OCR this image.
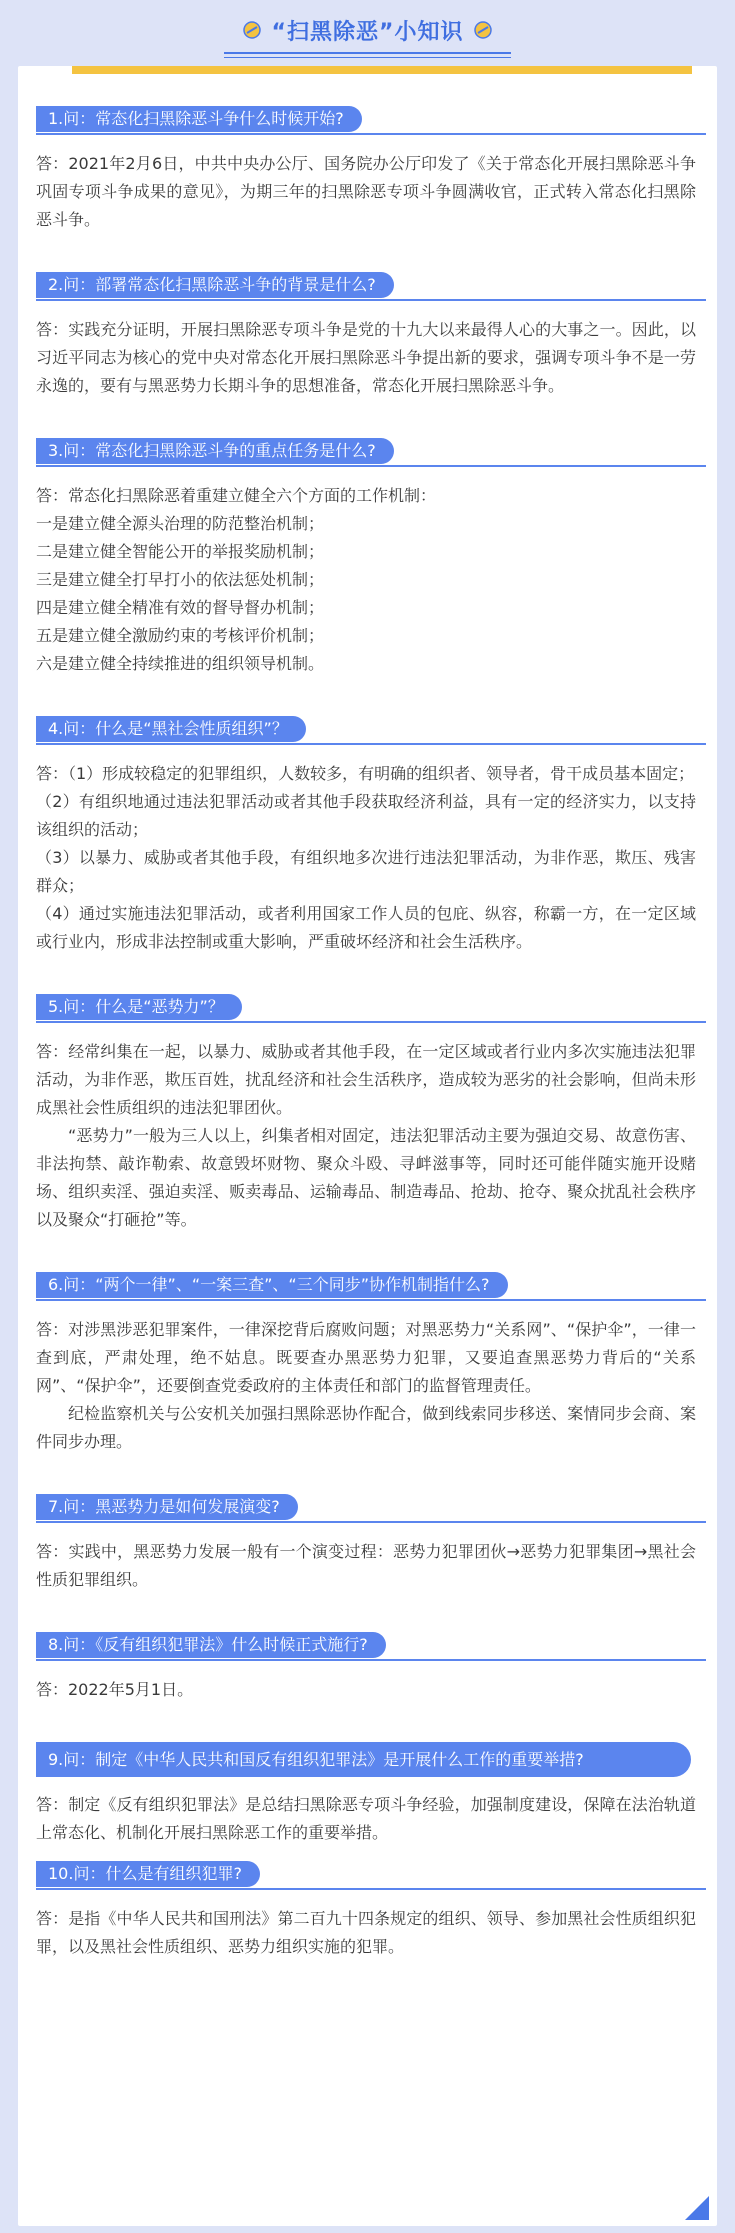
“扫黑除恶”小知识
1.问：常态化扫黑除恶斗争什么时候开始?

答：2021年2月6日，中共中央办公厅、国务院办公厅印发了《关于常态化开展扫黑除恶斗争巩固专项斗争成果的意见》，为期三年的扫黑除恶专项斗争圆满收官，正式转入常态化扫黑除恶斗争。

2.问：部署常态化扫黑除恶斗争的背景是什么?

答：实践充分证明，开展扫黑除恶专项斗争是党的十九大以来最得人心的大事之一。因此，以习近平同志为核心的党中央对常态化开展扫黑除恶斗争提出新的要求，强调专项斗争不是一劳永逸的，要有与黑恶势力长期斗争的思想准备，常态化开展扫黑除恶斗争。

3.问：常态化扫黑除恶斗争的重点任务是什么?

答：常态化扫黑除恶着重建立健全六个方面的工作机制：

一是建立健全源头治理的防范整治机制；

二是建立健全智能公开的举报奖励机制；

三是建立健全打早打小的依法惩处机制；

四是建立健全精准有效的督导督办机制；

五是建立健全激励约束的考核评价机制；

六是建立健全持续推进的组织领导机制。

4.问：什么是“黑社会性质组织”？

答：（1）形成较稳定的犯罪组织，人数较多，有明确的组织者、领导者，骨干成员基本固定；

（2）有组织地通过违法犯罪活动或者其他手段获取经济利益，具有一定的经济实力，以支持该组织的活动；

（3）以暴力、威胁或者其他手段，有组织地多次进行违法犯罪活动，为非作恶，欺压、残害群众；

（4）通过实施违法犯罪活动，或者利用国家工作人员的包庇、纵容，称霸一方，在一定区域或行业内，形成非法控制或重大影响，严重破坏经济和社会生活秩序。

5.问：什么是“恶势力”？

答：经常纠集在一起，以暴力、威胁或者其他手段，在一定区域或者行业内多次实施违法犯罪活动，为非作恶，欺压百姓，扰乱经济和社会生活秩序，造成较为恶劣的社会影响，但尚未形成黑社会性质组织的违法犯罪团伙。

“恶势力”一般为三人以上，纠集者相对固定，违法犯罪活动主要为强迫交易、故意伤害、非法拘禁、敲诈勒索、故意毁坏财物、聚众斗殴、寻衅滋事等，同时还可能伴随实施开设赌场、组织卖淫、强迫卖淫、贩卖毒品、运输毒品、制造毒品、抢劫、抢夺、聚众扰乱社会秩序以及聚众“打砸抢”等。

6.问：“两个一律”、“一案三查”、“三个同步”协作机制指什么?

答：对涉黑涉恶犯罪案件，一律深挖背后腐败问题；对黑恶势力“关系网”、“保护伞”，一律一查到底，严肃处理，绝不姑息。既要查办黑恶势力犯罪，又要追查黑恶势力背后的“关系网”、“保护伞”，还要倒查党委政府的主体责任和部门的监督管理责任。

纪检监察机关与公安机关加强扫黑除恶协作配合，做到线索同步移送、案情同步会商、案件同步办理。

7.问：黑恶势力是如何发展演变?

答：实践中，黑恶势力发展一般有一个演变过程：恶势力犯罪团伙→恶势力犯罪集团→黑社会性质犯罪组织。

8.问：《反有组织犯罪法》什么时候正式施行?

答：2022年5月1日。

9.问：制定《中华人民共和国反有组织犯罪法》是开展什么工作的重要举措?

答：制定《反有组织犯罪法》是总结扫黑除恶专项斗争经验，加强制度建设，保障在法治轨道上常态化、机制化开展扫黑除恶工作的重要举措。

10.问：什么是有组织犯罪?

答：是指《中华人民共和国刑法》第二百九十四条规定的组织、领导、参加黑社会性质组织犯罪，以及黑社会性质组织、恶势力组织实施的犯罪。
